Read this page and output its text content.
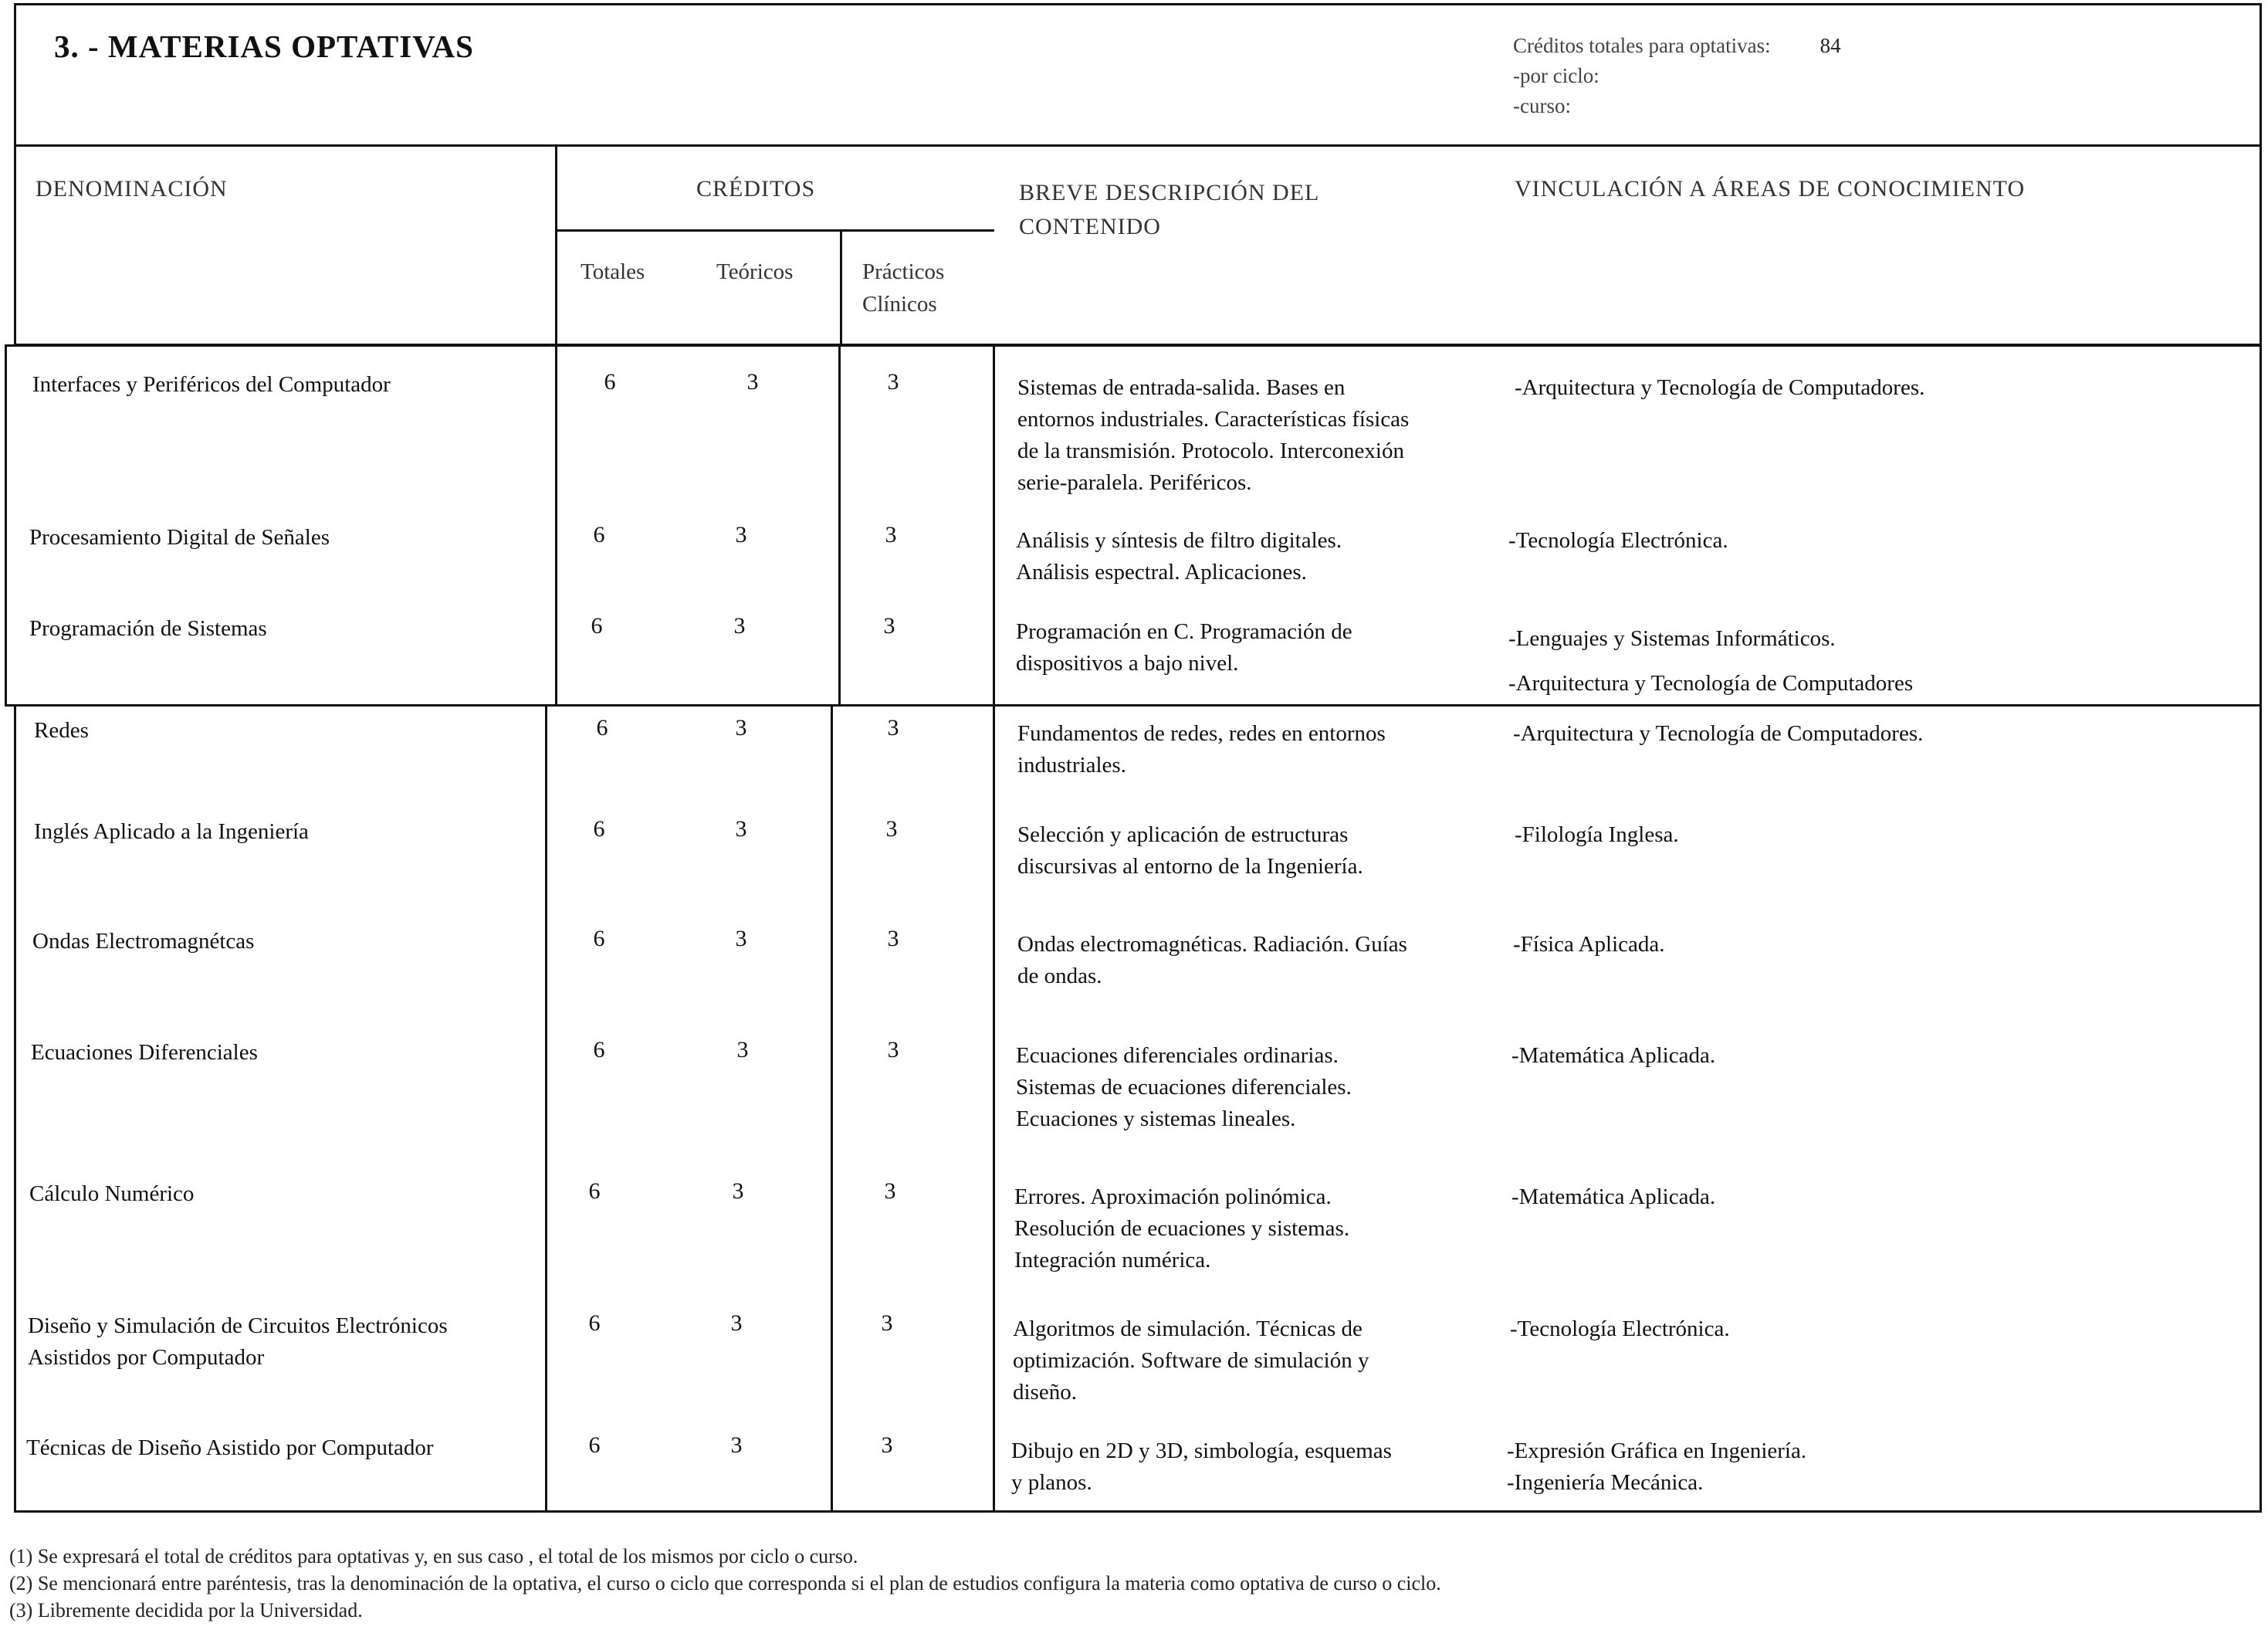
3. - MATERIAS OPTATIVAS	Créditos totales para optativas: 84
-por ciclo:
-curso:
DENOMINACIÓN	CRÉDITOS
Totales	Teóricos	Prácticos
Clínicos
BREVE DESCRIPCIÓN DEL
CONTENIDO
VINCULACIÓN A ÁREAS DE CONOCIMIENTO
Interfaces y Periféricos del Computador	6	3	3	Sistemas de entrada-salida. Bases en
entornos industriales. Características físicas
de la transmisión. Protocolo. Interconexión
serie-paralela. Periféricos.
-Arquitectura y Tecnología de Computadores.
Procesamiento Digital de Señales	6	3	3	Análisis y síntesis de filtro digitales.
Análisis espectral. Aplicaciones.
-Tecnología Electrónica.
Programación de Sistemas	6	3	3	Programación en C. Programación de
dispositivos a bajo nivel.
-Lenguajes y Sistemas Informáticos.
-Arquitectura y Tecnología de Computadores
Redes	6	3	3	Fundamentos de redes, redes en entornos
industriales.
-Arquitectura y Tecnología de Computadores.
Inglés Aplicado a la Ingeniería	6	3	3	Selección y aplicación de estructuras
discursivas al entorno de la Ingeniería.
-Filología Inglesa.
Ondas Electromagnétcas	6	3	3	Ondas electromagnéticas. Radiación. Guías
de ondas.
-Física Aplicada.
Ecuaciones Diferenciales	6	3	3	Ecuaciones diferenciales ordinarias.
Sistemas de ecuaciones diferenciales.
Ecuaciones y sistemas lineales.
-Matemática Aplicada.
Cálculo Numérico	6	3	3	Errores. Aproximación polinómica.
Resolución de ecuaciones y sistemas.
Integración numérica.
-Matemática Aplicada.
Diseño y Simulación de Circuitos Electrónicos
Asistidos por Computador
6	3	3	Algoritmos de simulación. Técnicas de
optimización. Software de simulación y
diseño.
-Tecnología Electrónica.
Técnicas de Diseño Asistido por Computador	6	3	3	Dibujo en 2D y 3D, simbología, esquemas
y planos.
-Expresión Gráfica en Ingeniería.
-Ingeniería Mecánica.
(1) Se expresará el total de créditos para optativas y, en sus caso , el total de los mismos por ciclo o curso.
(2) Se mencionará entre paréntesis, tras la denominación de la optativa, el curso o ciclo que corresponda si el plan de estudios configura la materia como optativa de curso o ciclo.
(3) Libremente decidida por la Universidad.
